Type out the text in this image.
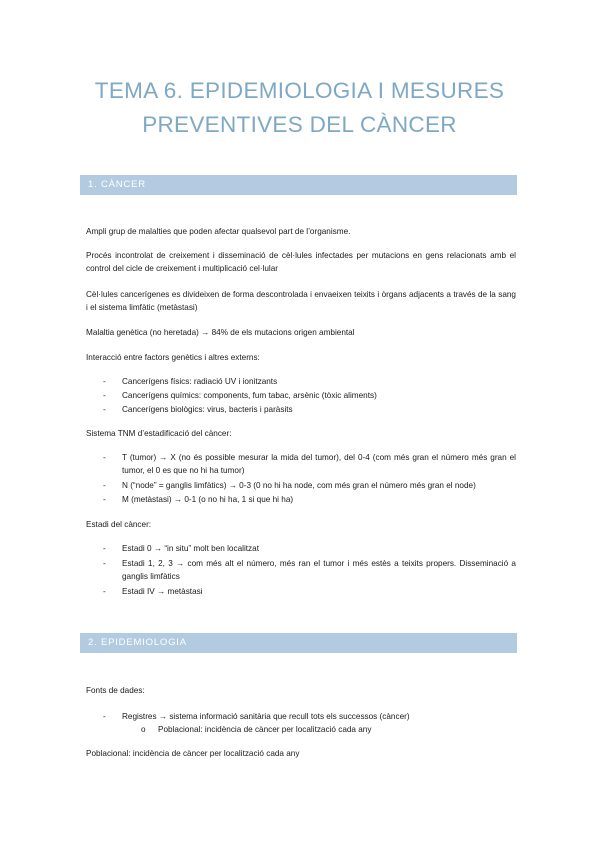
TEMA 6. EPIDEMIOLOGIA I MESURES
PREVENTIVES DEL CÀNCER
1. CÀNCER

Ampli grup de malalties que poden afectar qualsevol part de l’organisme.

Procés incontrolat de creixement i disseminació de cèl·lules infectades per mutacions en gens relacionats amb el control del cicle de creixement i multiplicació cel·lular

Cèl·lules cancerígenes es divideixen de forma descontrolada i envaeixen teixits i òrgans adjacents a través de la sang i el sistema limfàtic (metàstasi)

Malaltia genètica (no heretada) → 84% de els mutacions origen ambiental

Interacció entre factors genètics i altres externs:

- Cancerígens físics: radiació UV i ionitzants
- Cancerígens químics: components, fum tabac, arsènic (tòxic aliments)
- Cancerígens biològics: virus, bacteris i paràsits

Sistema TNM d’estadificació del càncer:

- T (tumor) → X (no és possible mesurar la mida del tumor), del 0-4 (com més gran el número més gran el tumor, el 0 es que no hi ha tumor)
- N (“node” = ganglis limfàtics) → 0-3 (0 no hi ha node, com més gran el número més gran el node)
- M (metàstasi) → 0-1 (o no hi ha, 1 si que hi ha)

Estadi del càncer:

- Estadi 0 → “in situ” molt ben localitzat
- Estadi 1, 2, 3 → com més alt el número, més ran el tumor i més estès a teixits propers. Disseminació a ganglis limfàtics
- Estadi IV → metàstasi
2. EPIDEMIOLOGIA

Fonts de dades:

- Registres → sistema informació sanitària que recull tots els successos (càncer)
o Poblacional: incidència de càncer per localització cada any

Poblacional: incidència de càncer per localització cada any
